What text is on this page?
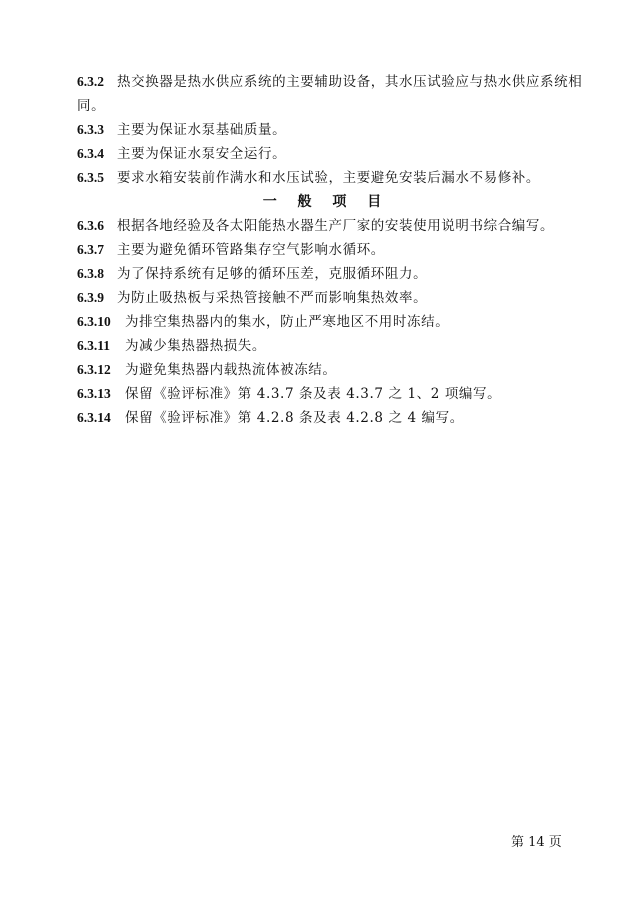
6.3.2 热交换器是热水供应系统的主要辅助设备，其水压试验应与热水供应系统相
同。
6.3.3 主要为保证水泵基础质量。
6.3.4 主要为保证水泵安全运行。
6.3.5 要求水箱安装前作满水和水压试验，主要避免安装后漏水不易修补。
一 般 项 目
6.3.6 根据各地经验及各太阳能热水器生产厂家的安装使用说明书综合编写。
6.3.7 主要为避免循环管路集存空气影响水循环。
6.3.8 为了保持系统有足够的循环压差，克服循环阻力。
6.3.9 为防止吸热板与采热管接触不严而影响集热效率。
6.3.10 为排空集热器内的集水，防止严寒地区不用时冻结。
6.3.11 为减少集热器热损失。
6.3.12 为避免集热器内载热流体被冻结。
6.3.13 保留《验评标准》第 4.3.7 条及表 4.3.7 之 1、2 项编写。
6.3.14 保留《验评标准》第 4.2.8 条及表 4.2.8 之 4 编写。
第 14 页
